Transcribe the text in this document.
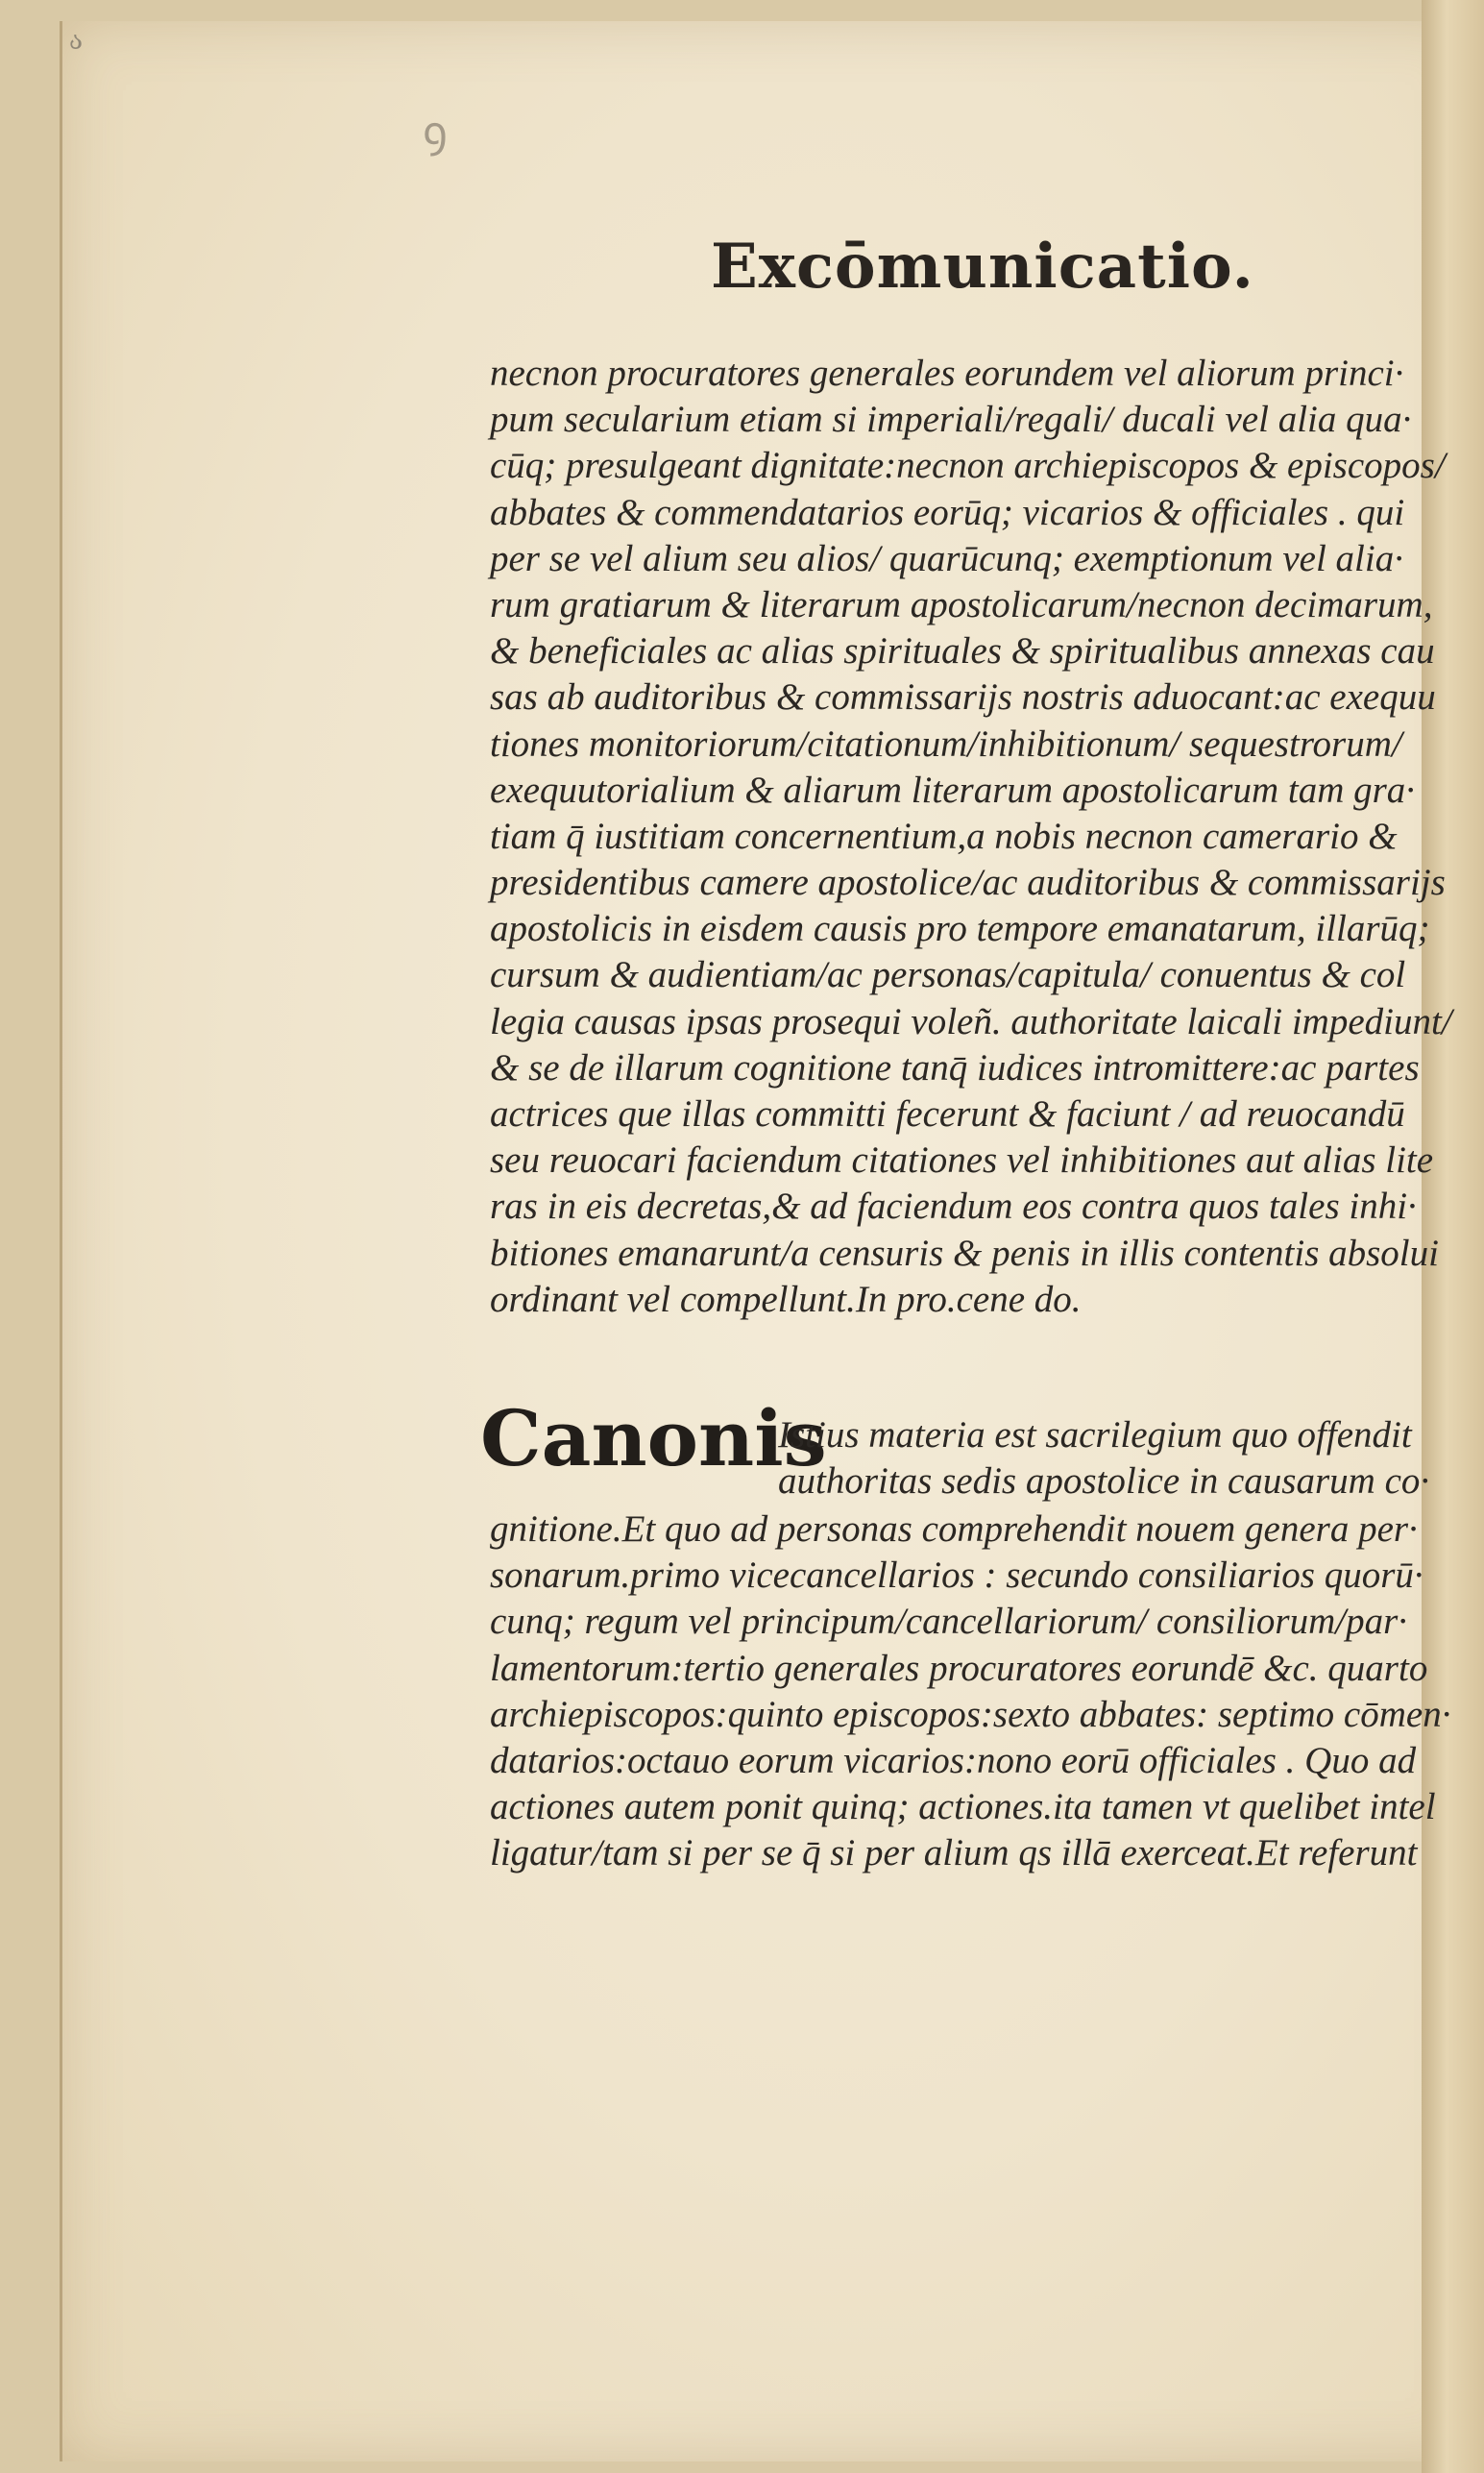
ა
ꝯ
Excōmunicatio.
necnon procuratores generales eorundem vel aliorum princi·
pum secularium etiam si imperiali/regali/ ducali vel alia qua·
cūq; presulgeant dignitate:necnon archiepiscopos & episcopos/
abbates & commendatarios eorūq; vicarios & officiales . qui
per se vel alium seu alios/ quarūcunq; exemptionum vel alia·
rum gratiarum & literarum apostolicarum/necnon decimarum,
& beneficiales ac alias spirituales & spiritualibus annexas cau
sas ab auditoribus & commissarijs nostris aduocant:ac exequu
tiones monitoriorum/citationum/inhibitionum/ sequestrorum/
exequutorialium & aliarum literarum apostolicarum tam gra·
tiam q̄ iustitiam concernentium,a nobis necnon camerario &
presidentibus camere apostolice/ac auditoribus & commissarijs
apostolicis in eisdem causis pro tempore emanatarum, illarūq;
cursum & audientiam/ac personas/capitula/ conuentus & col
legia causas ipsas prosequi voleñ. authoritate laicali impediunt/
& se de illarum cognitione tanq̄ iudices intromittere:ac partes
actrices que illas committi fecerunt & faciunt / ad reuocandū
seu reuocari faciendum citationes vel inhibitiones aut alias lite
ras in eis decretas,& ad faciendum eos contra quos tales inhi·
bitiones emanarunt/a censuris & penis in illis contentis absolui
ordinant vel compellunt.In pro.cene do.
Canonis
Istius materia est sacrilegium quo offendit
authoritas sedis apostolice in causarum co·
gnitione.Et quo ad personas comprehendit nouem genera per·
sonarum.primo vicecancellarios : secundo consiliarios quorū·
cunq; regum vel principum/cancellariorum/ consiliorum/par·
lamentorum:tertio generales procuratores eorundē &c. quarto
archiepiscopos:quinto episcopos:sexto abbates: septimo cōmen·
datarios:octauo eorum vicarios:nono eorū officiales . Quo ad
actiones autem ponit quinq; actiones.ita tamen vt quelibet intel
ligatur/tam si per se q̄ si per alium qs illā exerceat.Et referunt
